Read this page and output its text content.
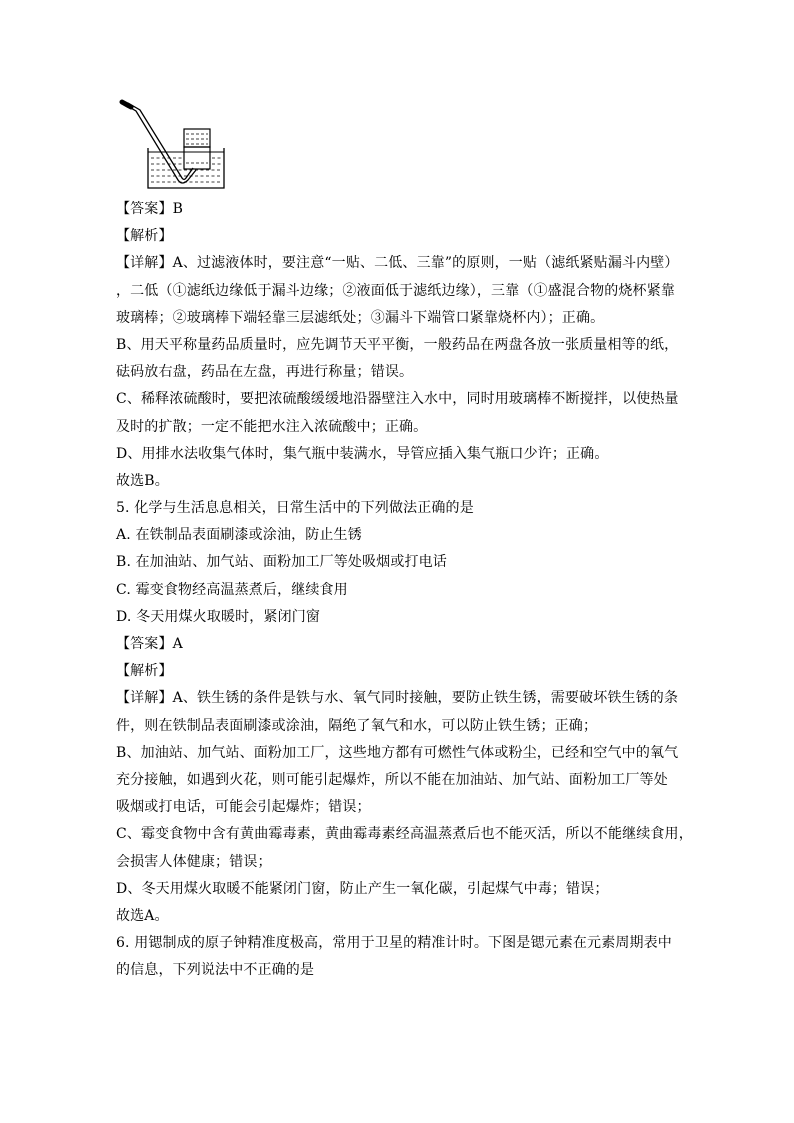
【答案】B
【解析】
【详解】A、过滤液体时，要注意“一贴、二低、三靠”的原则，一贴（滤纸紧贴漏斗内壁）
，二低（①滤纸边缘低于漏斗边缘；②液面低于滤纸边缘），三靠（①盛混合物的烧杯紧靠
玻璃棒；②玻璃棒下端轻靠三层滤纸处；③漏斗下端管口紧靠烧杯内）；正确。
B、用天平称量药品质量时，应先调节天平平衡，一般药品在两盘各放一张质量相等的纸，
砝码放右盘，药品在左盘，再进行称量；错误。
C、稀释浓硫酸时，要把浓硫酸缓缓地沿器壁注入水中，同时用玻璃棒不断搅拌，以使热量
及时的扩散；一定不能把水注入浓硫酸中；正确。
D、用排水法收集气体时，集气瓶中装满水，导管应插入集气瓶口少许；正确。
故选B。
5. 化学与生活息息相关，日常生活中的下列做法正确的是
A. 在铁制品表面刷漆或涂油，防止生锈
B. 在加油站、加气站、面粉加工厂等处吸烟或打电话
C. 霉变食物经高温蒸煮后，继续食用
D. 冬天用煤火取暖时，紧闭门窗
【答案】A
【解析】
【详解】A、铁生锈的条件是铁与水、氧气同时接触，要防止铁生锈，需要破坏铁生锈的条
件，则在铁制品表面刷漆或涂油，隔绝了氧气和水，可以防止铁生锈；正确；
B、加油站、加气站、面粉加工厂，这些地方都有可燃性气体或粉尘，已经和空气中的氧气
充分接触，如遇到火花，则可能引起爆炸，所以不能在加油站、加气站、面粉加工厂等处
吸烟或打电话，可能会引起爆炸；错误；
C、霉变食物中含有黄曲霉毒素，黄曲霉毒素经高温蒸煮后也不能灭活，所以不能继续食用，
会损害人体健康；错误；
D、冬天用煤火取暖不能紧闭门窗，防止产生一氧化碳，引起煤气中毒；错误；
故选A。
6. 用锶制成的原子钟精准度极高，常用于卫星的精准计时。下图是锶元素在元素周期表中
的信息，下列说法中不正确的是
